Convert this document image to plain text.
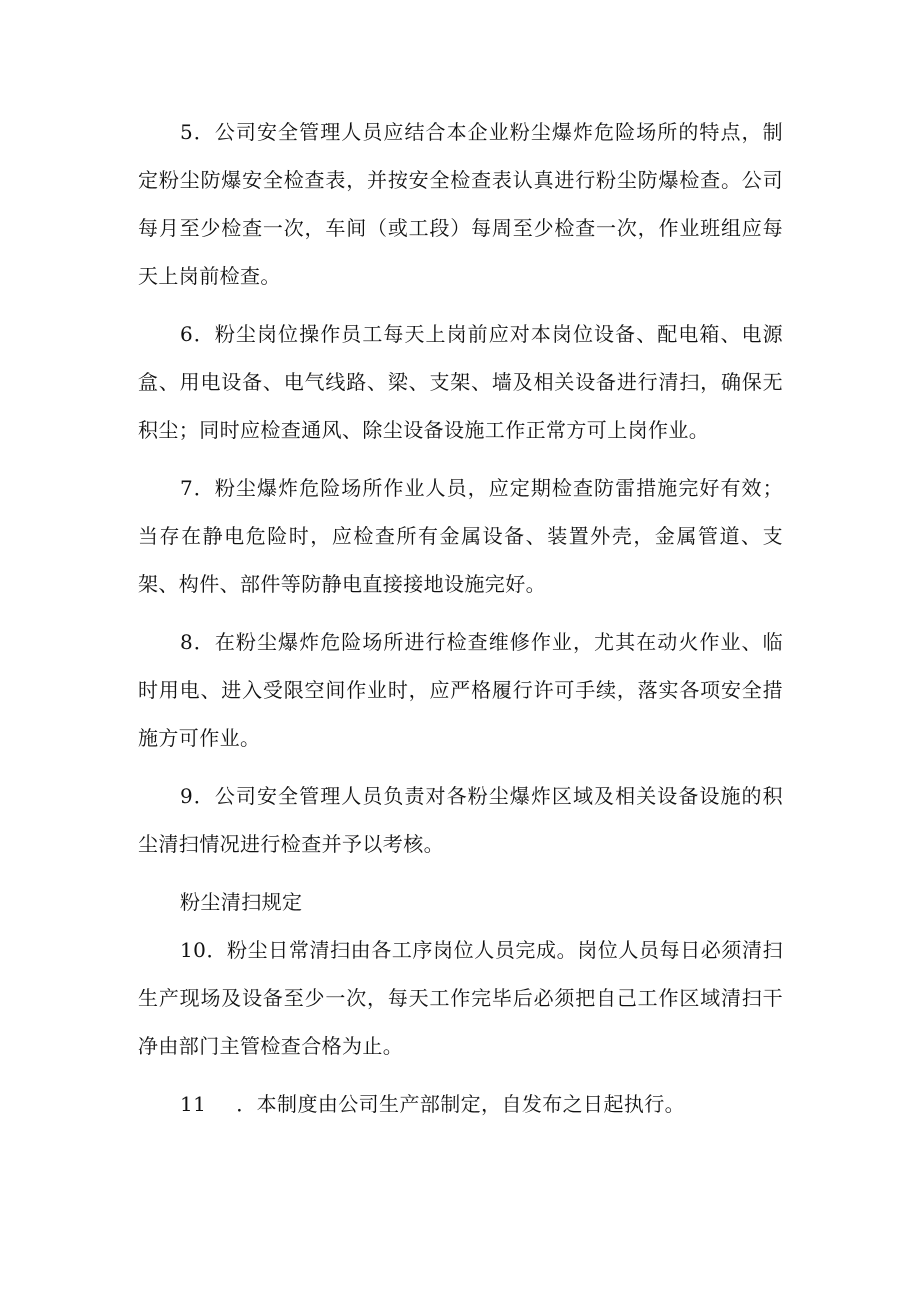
5．公司安全管理人员应结合本企业粉尘爆炸危险场所的特点，制定粉尘防爆安全检查表，并按安全检查表认真进行粉尘防爆检查。公司每月至少检查一次，车间（或工段）每周至少检查一次，作业班组应每天上岗前检查。

6．粉尘岗位操作员工每天上岗前应对本岗位设备、配电箱、电源盒、用电设备、电气线路、梁、支架、墙及相关设备进行清扫，确保无积尘；同时应检查通风、除尘设备设施工作正常方可上岗作业。

7．粉尘爆炸危险场所作业人员，应定期检查防雷措施完好有效；当存在静电危险时，应检查所有金属设备、装置外壳，金属管道、支架、构件、部件等防静电直接接地设施完好。

8．在粉尘爆炸危险场所进行检查维修作业，尤其在动火作业、临时用电、进入受限空间作业时，应严格履行许可手续，落实各项安全措施方可作业。

9．公司安全管理人员负责对各粉尘爆炸区域及相关设备设施的积尘清扫情况进行检查并予以考核。

粉尘清扫规定

10．粉尘日常清扫由各工序岗位人员完成。岗位人员每日必须清扫生产现场及设备至少一次，每天工作完毕后必须把自己工作区域清扫干净由部门主管检查合格为止。

11 ．本制度由公司生产部制定，自发布之日起执行。
